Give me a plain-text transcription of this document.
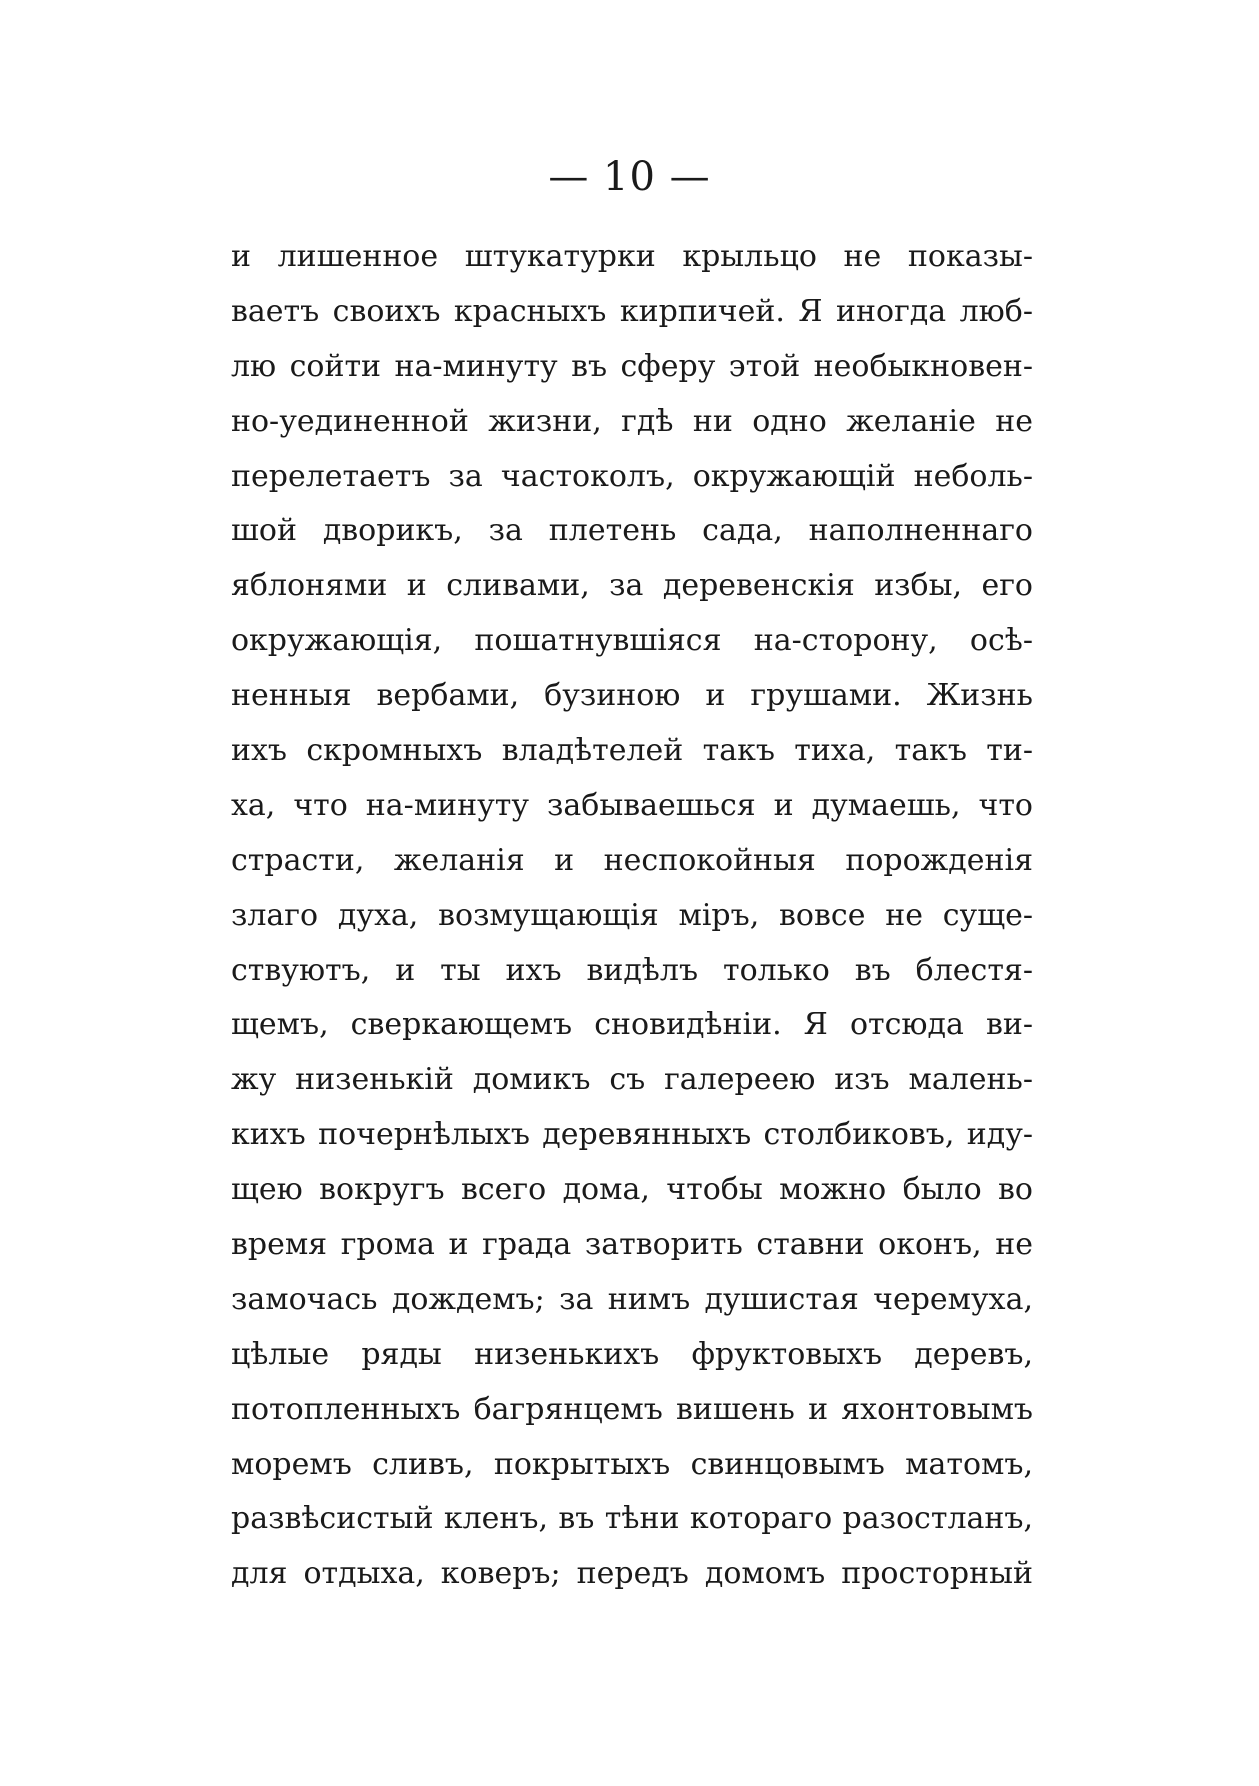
— 10 —
и лишенное штукатурки крыльцо не показы-
ваетъ своихъ красныхъ кирпичей. Я иногда люб-
лю сойти на-минуту въ сферу этой необыкновен-
но-уединенной жизни, гдѣ ни одно желаніе не
перелетаетъ за частоколъ, окружающій неболь-
шой дворикъ, за плетень сада, наполненнаго
яблонями и сливами, за деревенскія избы, его
окружающія, пошатнувшіяся на-сторону, осѣ-
ненныя вербами, бузиною и грушами. Жизнь
ихъ скромныхъ владѣтелей такъ тиха, такъ ти-
ха, что на-минуту забываешься и думаешь, что
страсти, желанія и неспокойныя порожденія
злаго духа, возмущающія міръ, вовсе не суще-
ствуютъ, и ты ихъ видѣлъ только въ блестя-
щемъ, сверкающемъ сновидѣніи. Я отсюда ви-
жу низенькій домикъ съ галереею изъ малень-
кихъ почернѣлыхъ деревянныхъ столбиковъ, иду-
щею вокругъ всего дома, чтобы можно было во
время грома и града затворить ставни оконъ, не
замочась дождемъ; за нимъ душистая черемуха,
цѣлые ряды низенькихъ фруктовыхъ деревъ,
потопленныхъ багрянцемъ вишень и яхонтовымъ
моремъ сливъ, покрытыхъ свинцовымъ матомъ,
развѣсистый кленъ, въ тѣни котораго разостланъ,
для отдыха, коверъ; передъ домомъ просторный
